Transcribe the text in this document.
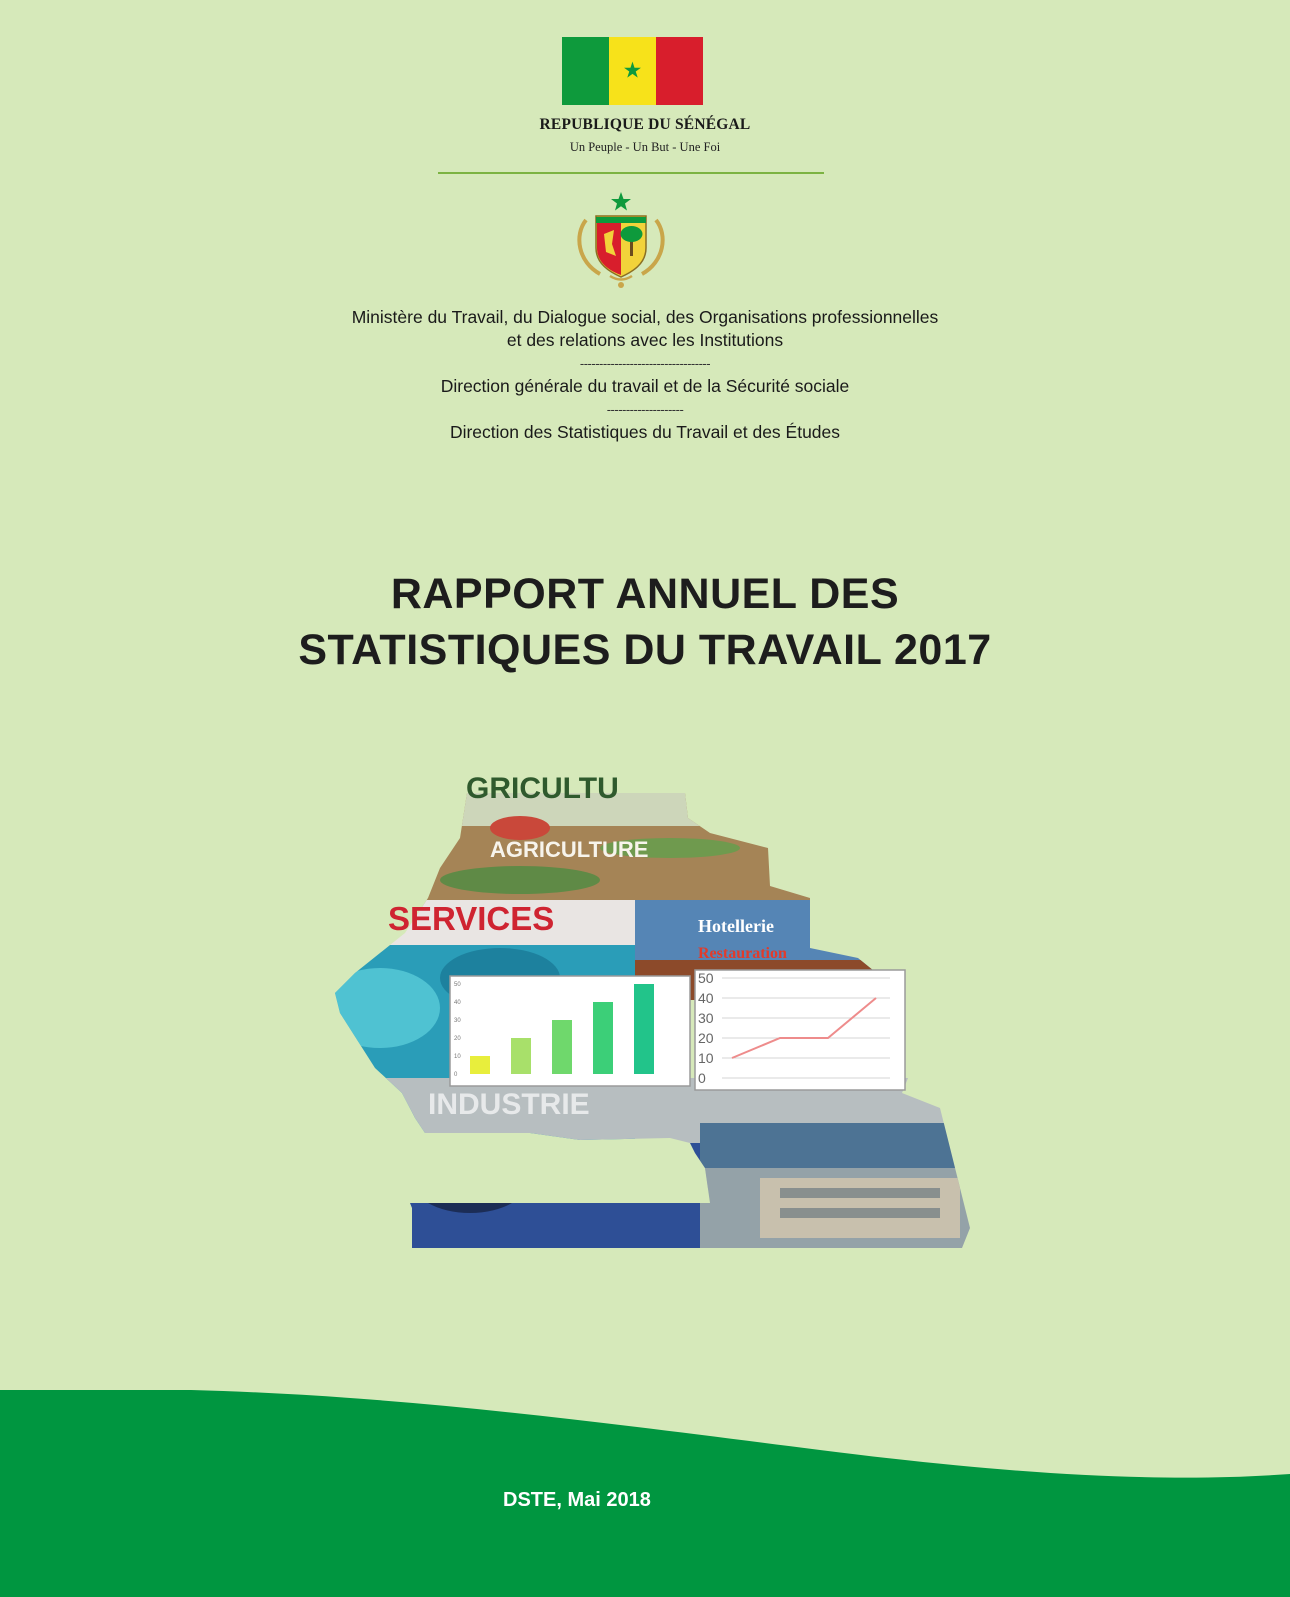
★
REPUBLIQUE DU SÉNÉGAL
Un Peuple - Un But - Une Foi
Ministère du Travail, du Dialogue social, des Organisations professionnelles
et des relations avec les Institutions
----------------------------------
Direction générale du travail et de la Sécurité sociale
--------------------
Direction des Statistiques du Travail et des Études
RAPPORT ANNUEL DES
STATISTIQUES DU TRAVAIL 2017
GRICULTU
AGRICULTURE
SERVICES	Hotellerie
Restauration
INDUSTRIE
50
40
30
20
10
0
50
40
30
20
10
0
DSTE, Mai 2018
